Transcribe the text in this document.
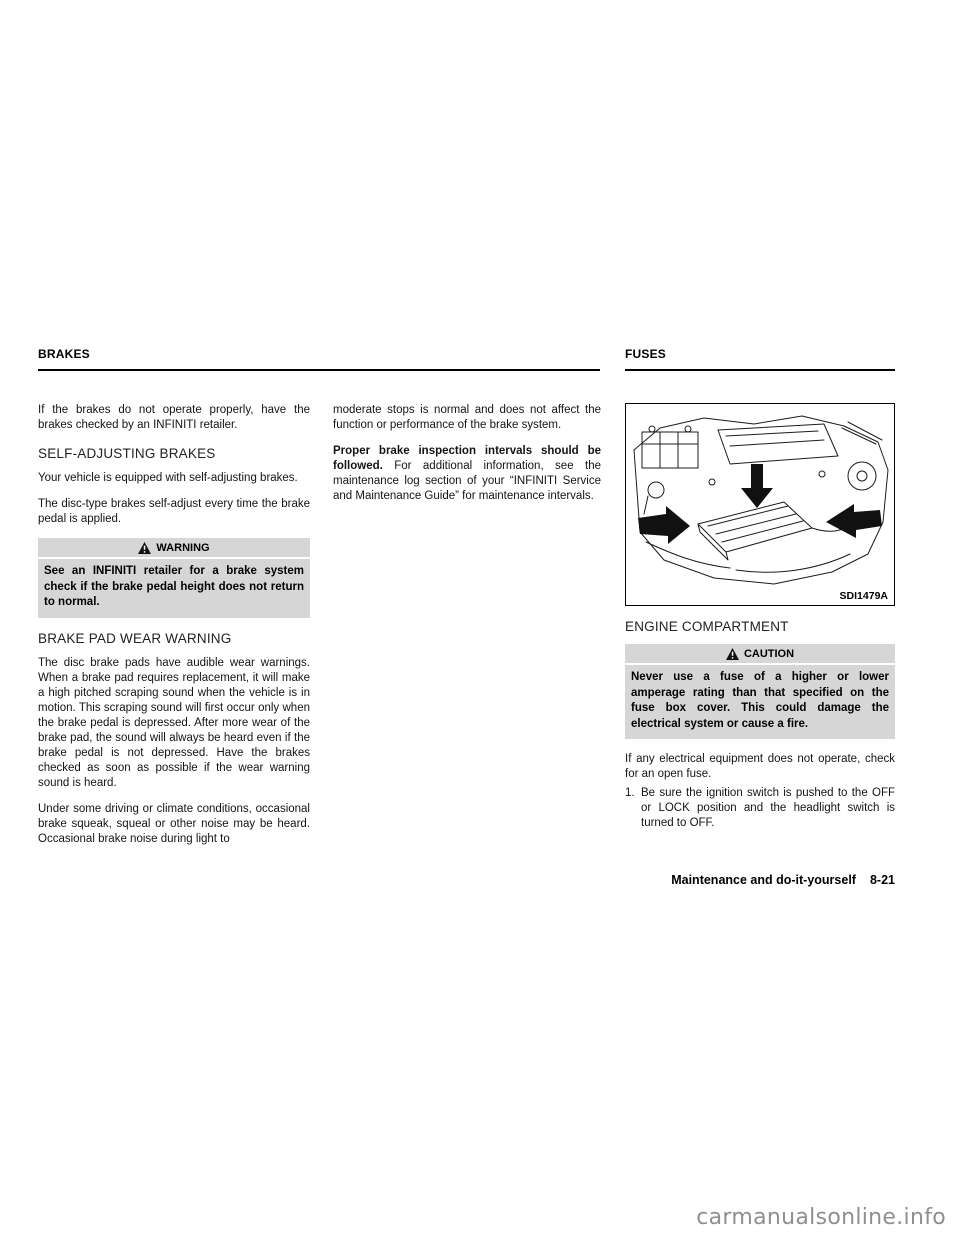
BRAKES	FUSES

If the brakes do not operate properly, have the brakes checked by an INFINITI retailer.

SELF-ADJUSTING BRAKES

Your vehicle is equipped with self-adjusting brakes.

The disc-type brakes self-adjust every time the brake pedal is applied.

WARNING
See an INFINITI retailer for a brake system check if the brake pedal height does not return to normal.
BRAKE PAD WEAR WARNING

The disc brake pads have audible wear warnings. When a brake pad requires replacement, it will make a high pitched scraping sound when the vehicle is in motion. This scraping sound will first occur only when the brake pedal is depressed. After more wear of the brake pad, the sound will always be heard even if the brake pedal is not depressed. Have the brakes checked as soon as possible if the wear warning sound is heard.

Under some driving or climate conditions, occasional brake squeak, squeal or other noise may be heard. Occasional brake noise during light to

moderate stops is normal and does not affect the function or performance of the brake system.

Proper brake inspection intervals should be followed. For additional information, see the maintenance log section of your “INFINITI Service and Maintenance Guide” for maintenance intervals.

SDI1479A
ENGINE COMPARTMENT
CAUTION
Never use a fuse of a higher or lower amperage rating than that specified on the fuse box cover. This could damage the electrical system or cause a fire.

If any electrical equipment does not operate, check for an open fuse.

1. Be sure the ignition switch is pushed to the OFF or LOCK position and the headlight switch is turned to OFF.
Maintenance and do-it-yourself 8-21
carmanualsonline.info
